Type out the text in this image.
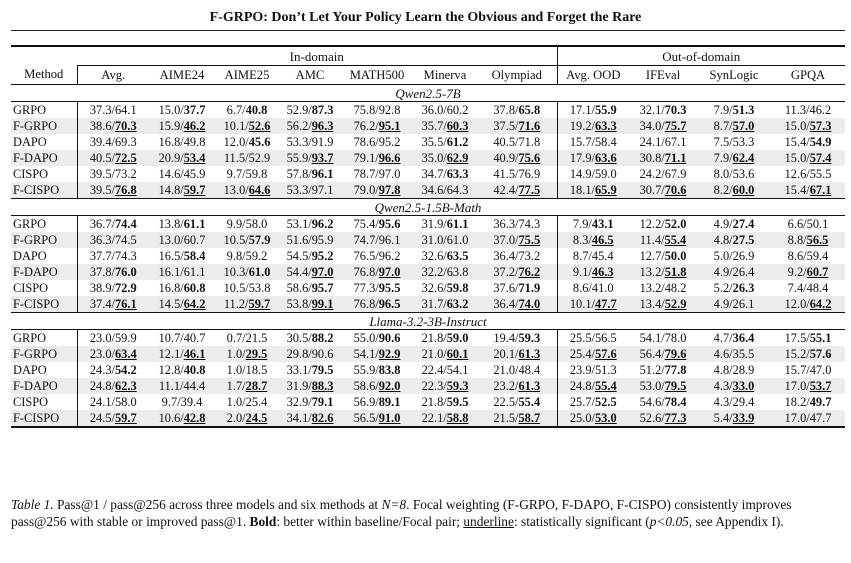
F-GRPO: Don’t Let Your Policy Learn the Obvious and Forget the Rare
	In-domain							Out-of-domain			
Method	Avg.	AIME24	AIME25	AMC	MATH500	Minerva	Olympiad	Avg. OOD	IFEval	SynLogic	GPQA
Qwen2.5-7B											
GRPO	37.3/64.1	15.0/37.7	6.7/40.8	52.9/87.3	75.8/92.8	36.0/60.2	37.8/65.8	17.1/55.9	32.1/70.3	7.9/51.3	11.3/46.2
F-GRPO	38.6/70.3	15.9/46.2	10.1/52.6	56.2/96.3	76.2/95.1	35.7/60.3	37.5/71.6	19.2/63.3	34.0/75.7	8.7/57.0	15.0/57.3
DAPO	39.4/69.3	16.8/49.8	12.0/45.6	53.3/91.9	78.6/95.2	35.5/61.2	40.5/71.8	15.7/58.4	24.1/67.1	7.5/53.3	15.4/54.9
F-DAPO	40.5/72.5	20.9/53.4	11.5/52.9	55.9/93.7	79.1/96.6	35.0/62.9	40.9/75.6	17.9/63.6	30.8/71.1	7.9/62.4	15.0/57.4
CISPO	39.5/73.2	14.6/45.9	9.7/59.8	57.8/96.1	78.7/97.0	34.7/63.3	41.5/76.9	14.9/59.0	24.2/67.9	8.0/53.6	12.6/55.5
F-CISPO	39.5/76.8	14.8/59.7	13.0/64.6	53.3/97.1	79.0/97.8	34.6/64.3	42.4/77.5	18.1/65.9	30.7/70.6	8.2/60.0	15.4/67.1
Qwen2.5-1.5B-Math											
GRPO	36.7/74.4	13.8/61.1	9.9/58.0	53.1/96.2	75.4/95.6	31.9/61.1	36.3/74.3	7.9/43.1	12.2/52.0	4.9/27.4	6.6/50.1
F-GRPO	36.3/74.5	13.0/60.7	10.5/57.9	51.6/95.9	74.7/96.1	31.0/61.0	37.0/75.5	8.3/46.5	11.4/55.4	4.8/27.5	8.8/56.5
DAPO	37.7/74.3	16.5/58.4	9.8/59.2	54.5/95.2	76.5/96.2	32.6/63.5	36.4/73.2	8.7/45.4	12.7/50.0	5.0/26.9	8.6/59.4
F-DAPO	37.8/76.0	16.1/61.1	10.3/61.0	54.4/97.0	76.8/97.0	32.2/63.8	37.2/76.2	9.1/46.3	13.2/51.8	4.9/26.4	9.2/60.7
CISPO	38.9/72.9	16.8/60.8	10.5/53.8	58.6/95.7	77.3/95.5	32.6/59.8	37.6/71.9	8.6/41.0	13.2/48.2	5.2/26.3	7.4/48.4
F-CISPO	37.4/76.1	14.5/64.2	11.2/59.7	53.8/99.1	76.8/96.5	31.7/63.2	36.4/74.0	10.1/47.7	13.4/52.9	4.9/26.1	12.0/64.2
Llama-3.2-3B-Instruct											
GRPO	23.0/59.9	10.7/40.7	0.7/21.5	30.5/88.2	55.0/90.6	21.8/59.0	19.4/59.3	25.5/56.5	54.1/78.0	4.7/36.4	17.5/55.1
F-GRPO	23.0/63.4	12.1/46.1	1.0/29.5	29.8/90.6	54.1/92.9	21.0/60.1	20.1/61.3	25.4/57.6	56.4/79.6	4.6/35.5	15.2/57.6
DAPO	24.3/54.2	12.8/40.8	1.0/18.5	33.1/79.5	55.9/83.8	22.4/54.1	21.0/48.4	23.9/51.3	51.2/77.8	4.8/28.9	15.7/47.0
F-DAPO	24.8/62.3	11.1/44.4	1.7/28.7	31.9/88.3	58.6/92.0	22.3/59.3	23.2/61.3	24.8/55.4	53.0/79.5	4.3/33.0	17.0/53.7
CISPO	24.1/58.0	9.7/39.4	1.0/25.4	32.9/79.1	56.9/89.1	21.8/59.5	22.5/55.4	25.7/52.5	54.6/78.4	4.3/29.4	18.2/49.7
F-CISPO	24.5/59.7	10.6/42.8	2.0/24.5	34.1/82.6	56.5/91.0	22.1/58.8	21.5/58.7	25.0/53.0	52.6/77.3	5.4/33.9	17.0/47.7
Table 1. Pass@1 / pass@256 across three models and six methods at N=8. Focal weighting (F-GRPO, F-DAPO, F-CISPO) consistently improves pass@256 with stable or improved pass@1. Bold: better within baseline/Focal pair; underline: statistically significant (p<0.05, see Appendix I).
